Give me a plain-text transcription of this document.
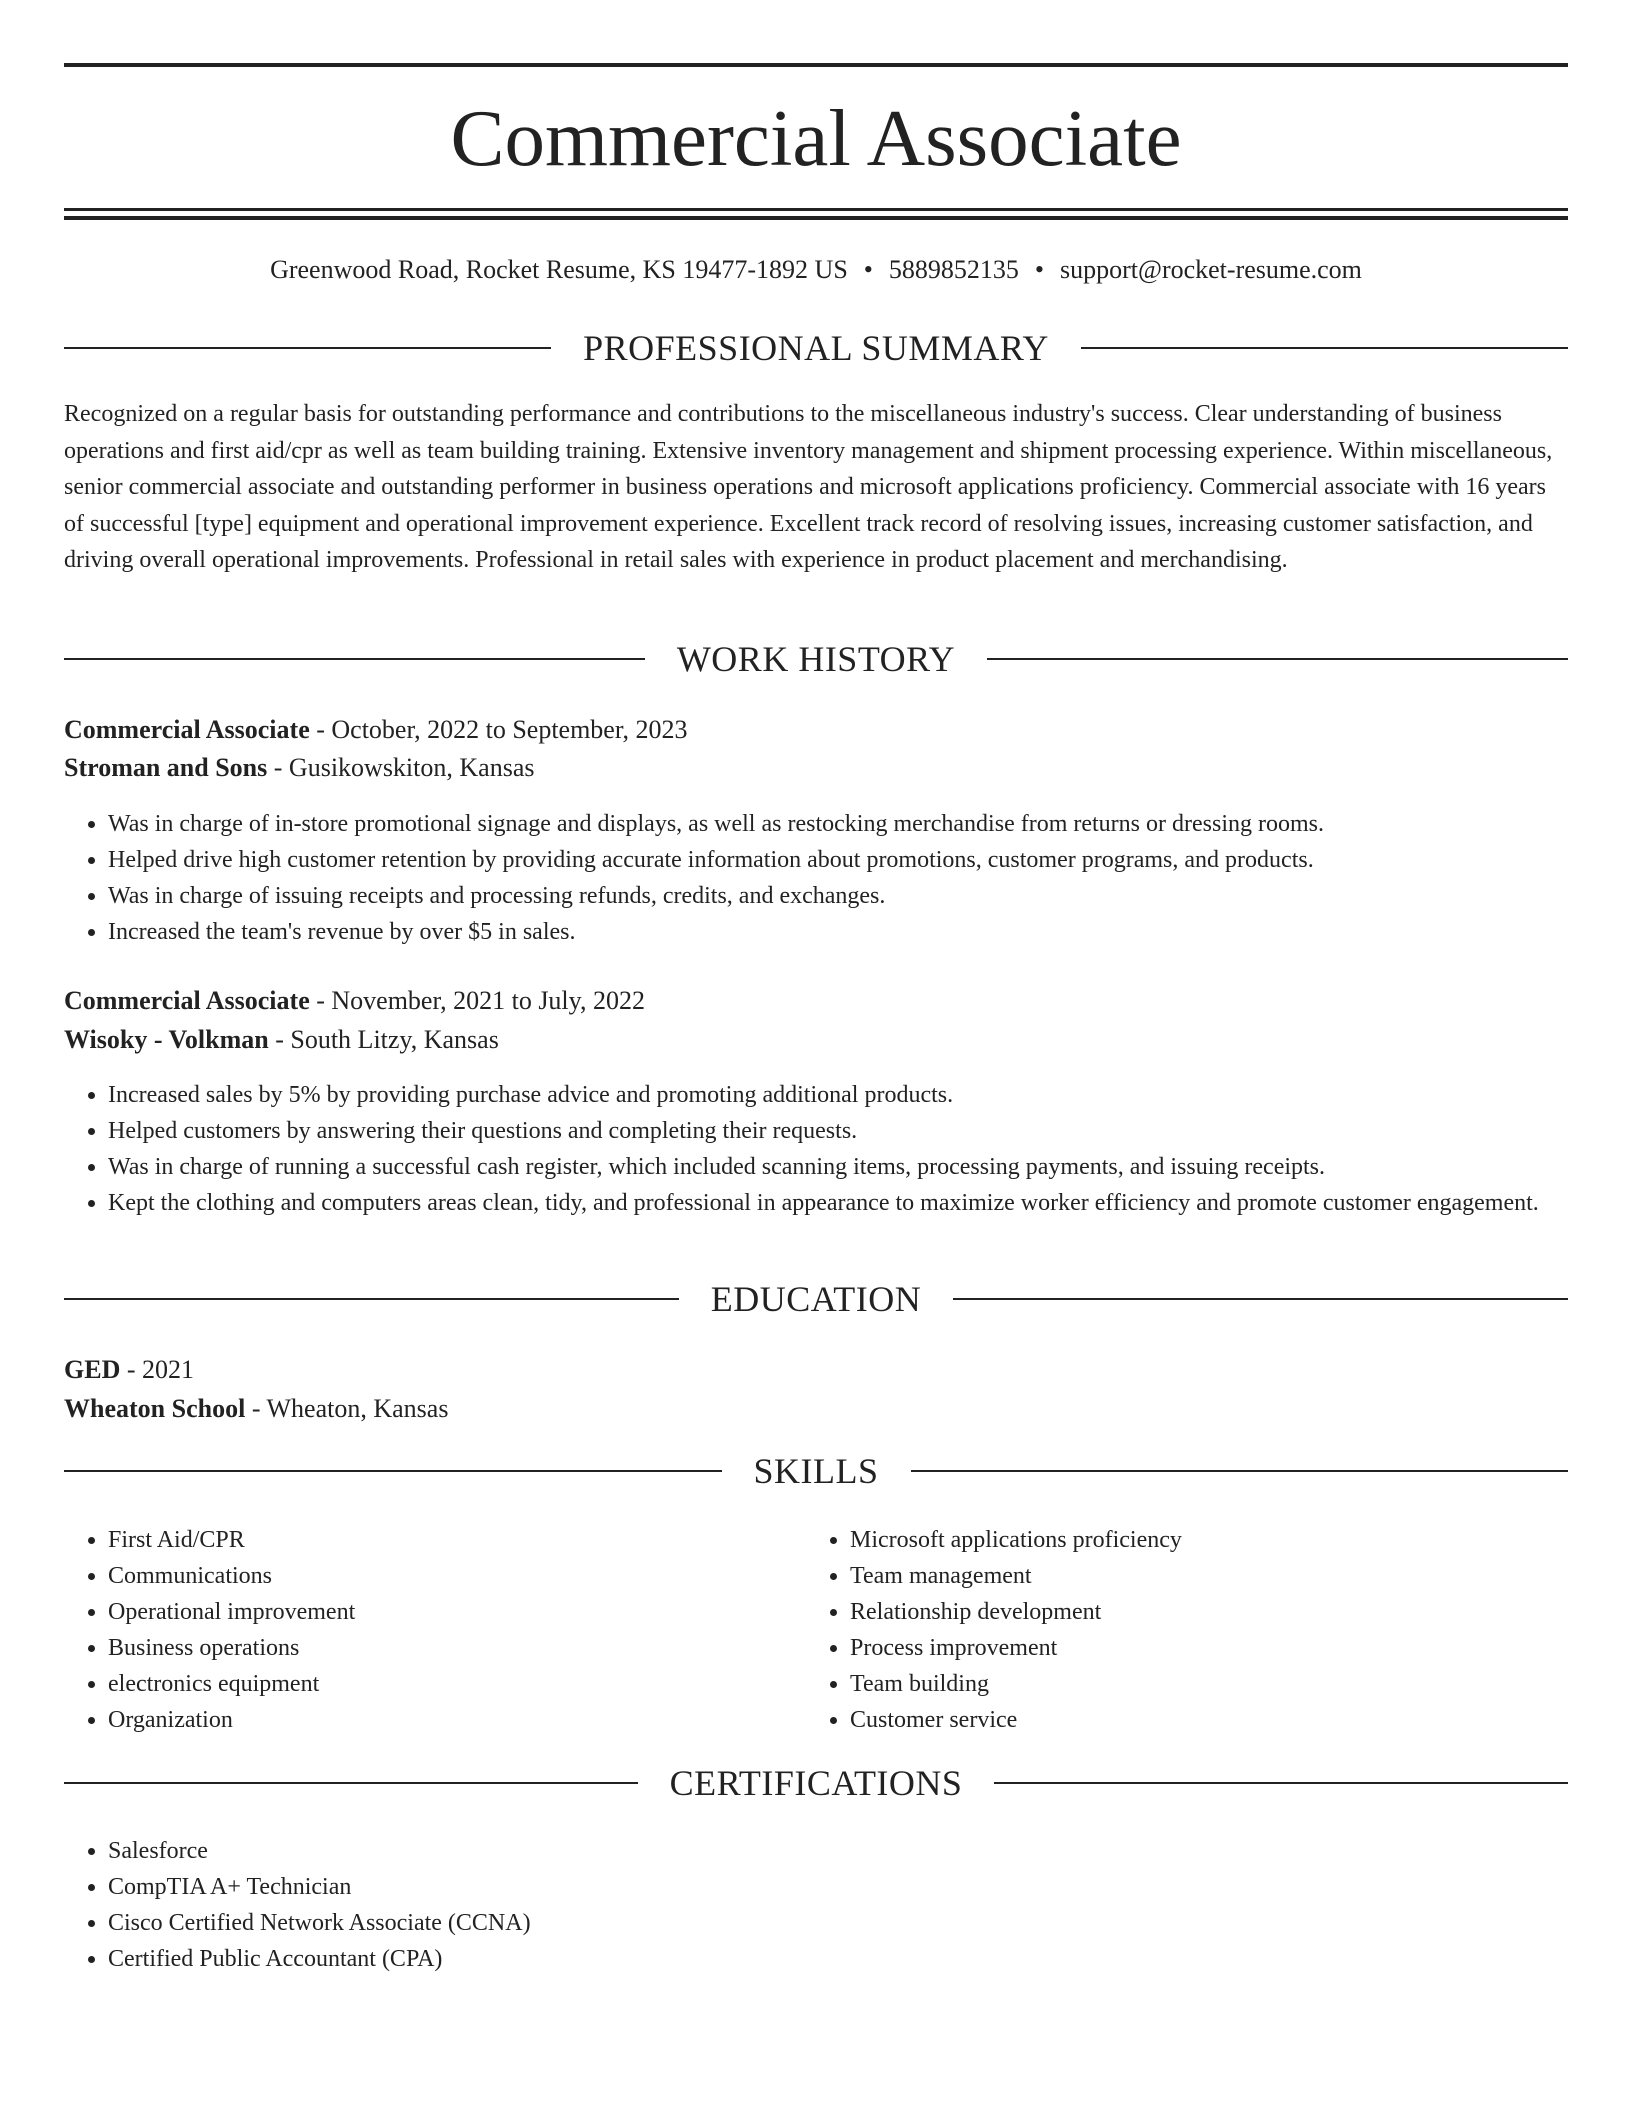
Commercial Associate
Greenwood Road, Rocket Resume, KS 19477-1892 US • 5889852135 • support@rocket-resume.com
PROFESSIONAL SUMMARY

Recognized on a regular basis for outstanding performance and contributions to the miscellaneous industry's success. Clear understanding of business operations and first aid/cpr as well as team building training. Extensive inventory management and shipment processing experience. Within miscellaneous, senior commercial associate and outstanding performer in business operations and microsoft applications proficiency. Commercial associate with 16 years of successful [type] equipment and operational improvement experience. Excellent track record of resolving issues, increasing customer satisfaction, and driving overall operational improvements. Professional in retail sales with experience in product placement and merchandising.

WORK HISTORY
Commercial Associate - October, 2022 to September, 2023
Stroman and Sons - Gusikowskiton, Kansas
• Was in charge of in-store promotional signage and displays, as well as restocking merchandise from returns or dressing rooms.
• Helped drive high customer retention by providing accurate information about promotions, customer programs, and products.
• Was in charge of issuing receipts and processing refunds, credits, and exchanges.
• Increased the team's revenue by over $5 in sales.
Commercial Associate - November, 2021 to July, 2022
Wisoky - Volkman - South Litzy, Kansas
• Increased sales by 5% by providing purchase advice and promoting additional products.
• Helped customers by answering their questions and completing their requests.
• Was in charge of running a successful cash register, which included scanning items, processing payments, and issuing receipts.
• Kept the clothing and computers areas clean, tidy, and professional in appearance to maximize worker efficiency and promote customer engagement.
EDUCATION
GED - 2021
Wheaton School - Wheaton, Kansas
SKILLS
• First Aid/CPR
• Communications
• Operational improvement
• Business operations
• electronics equipment
• Organization
• Microsoft applications proficiency
• Team management
• Relationship development
• Process improvement
• Team building
• Customer service
CERTIFICATIONS
• Salesforce
• CompTIA A+ Technician
• Cisco Certified Network Associate (CCNA)
• Certified Public Accountant (CPA)
